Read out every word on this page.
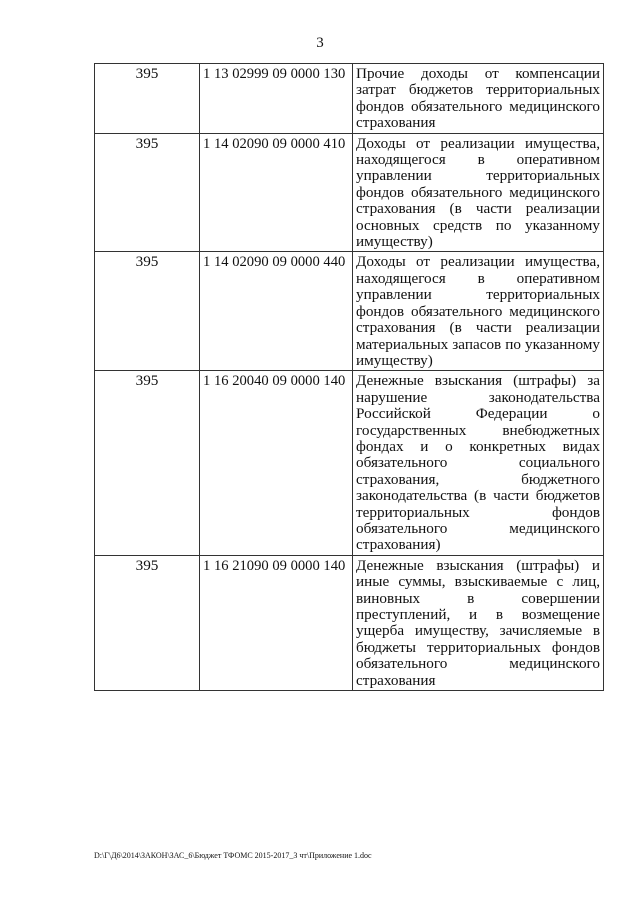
3
395	1 13 02999 09 0000 130	Прочие доходы от компенсации затрат бюджетов территориальных фондов обязательного медицинского страхования
395	1 14 02090 09 0000 410	Доходы от реализации имущества, находящегося в оперативном управлении территориальных фондов обязательного медицинского страхования (в части реализации основных средств по указанному имуществу)
395	1 14 02090 09 0000 440	Доходы от реализации имущества, находящегося в оперативном управлении территориальных фондов обязательного медицинского страхования (в части реализации материальных запасов по указанному имуществу)
395	1 16 20040 09 0000 140	Денежные взыскания (штрафы) за нарушение законодательства Российской Федерации о государственных внебюджетных фондах и о конкретных видах обязательного социального страхования, бюджетного законодательства (в части бюджетов территориальных фондов обязательного медицинского страхования)
395	1 16 21090 09 0000 140	Денежные взыскания (штрафы) и иные суммы, взыскиваемые с лиц, виновных в совершении преступлений, и в возмещение ущерба имуществу, зачисляемые в бюджеты территориальных фондов обязательного медицинского страхования
D:\Г\Д6\2014\ЗАКОН\ЗАС_6\Бюджет ТФОМС 2015-2017_3 чт\Приложение 1.doc
